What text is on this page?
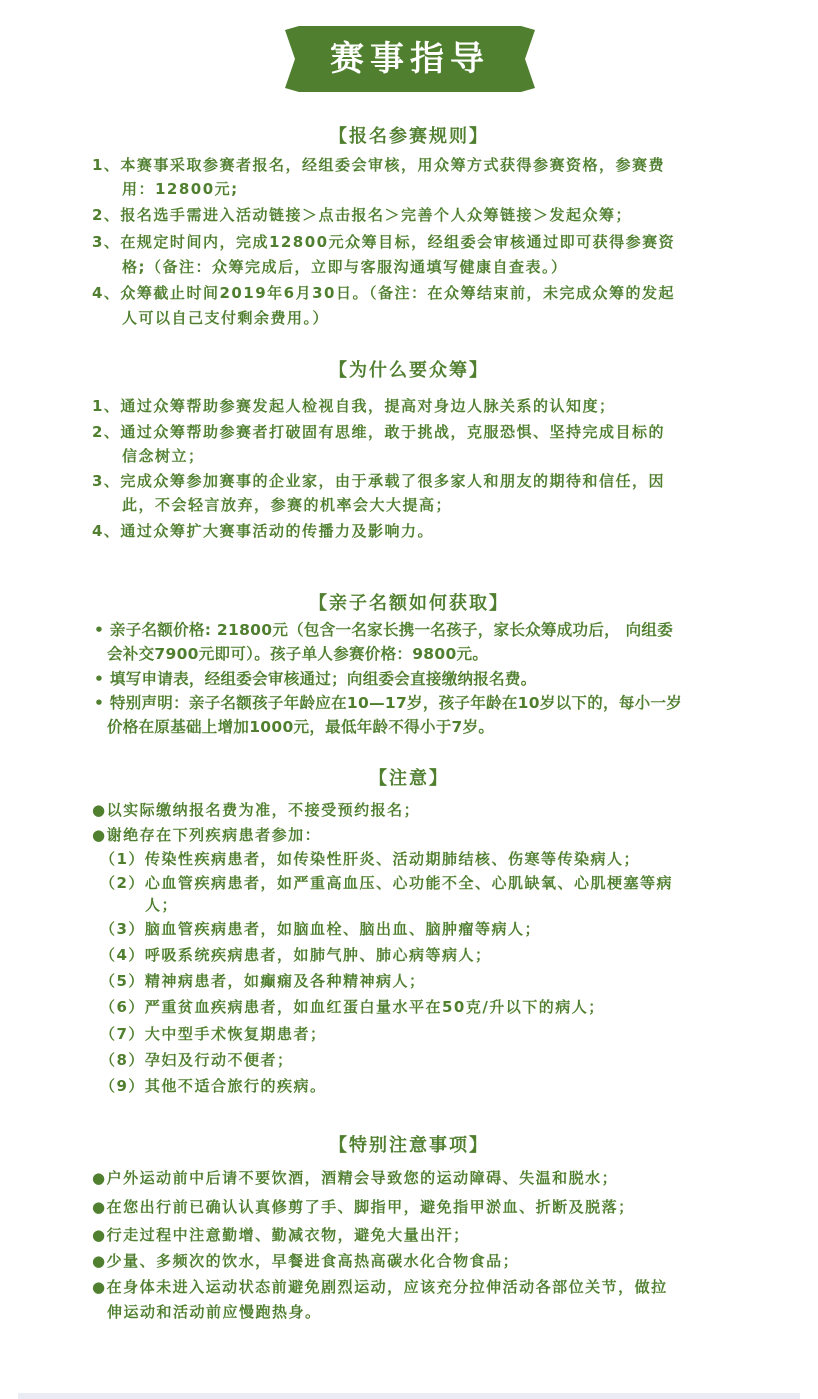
赛事指导
【报名参赛规则】
1、本赛事采取参赛者报名，经组委会审核，用众筹方式获得参赛资格，参赛费
用：12800元;
2、报名选手需进入活动链接＞点击报名＞完善个人众筹链接＞发起众筹；
3、在规定时间内，完成12800元众筹目标，经组委会审核通过即可获得参赛资
格;（备注：众筹完成后，立即与客服沟通填写健康自查表。）
4、众筹截止时间2019年6月30日。（备注：在众筹结束前，未完成众筹的发起
人可以自己支付剩余费用。）
【为什么要众筹】
1、通过众筹帮助参赛发起人检视自我，提高对身边人脉关系的认知度；
2、通过众筹帮助参赛者打破固有思维，敢于挑战，克服恐惧、坚持完成目标的
信念树立；
3、完成众筹参加赛事的企业家，由于承载了很多家人和朋友的期待和信任，因
此，不会轻言放弃，参赛的机率会大大提高；
4、通过众筹扩大赛事活动的传播力及影响力。
【亲子名额如何获取】
• 亲子名额价格: 21800元（包含一名家长携一名孩子，家长众筹成功后， 向组委
会补交7900元即可）。孩子单人参赛价格：9800元。
• 填写申请表，经组委会审核通过；向组委会直接缴纳报名费。
• 特别声明：亲子名额孩子年龄应在10—17岁，孩子年龄在10岁以下的，每小一岁
价格在原基础上增加1000元，最低年龄不得小于7岁。
【注意】
●以实际缴纳报名费为准，不接受预约报名；
●谢绝存在下列疾病患者参加：
（1）传染性疾病患者，如传染性肝炎、活动期肺结核、伤寒等传染病人；
（2）心血管疾病患者，如严重高血压、心功能不全、心肌缺氧、心肌梗塞等病
人；
（3）脑血管疾病患者，如脑血栓、脑出血、脑肿瘤等病人；
（4）呼吸系统疾病患者，如肺气肿、肺心病等病人；
（5）精神病患者，如癫痫及各种精神病人；
（6）严重贫血疾病患者，如血红蛋白量水平在50克/升以下的病人；
（7）大中型手术恢复期患者；
（8）孕妇及行动不便者；
（9）其他不适合旅行的疾病。
【特别注意事项】
●户外运动前中后请不要饮酒，酒精会导致您的运动障碍、失温和脱水；
●在您出行前已确认认真修剪了手、脚指甲，避免指甲淤血、折断及脱落；
●行走过程中注意勤增、勤减衣物，避免大量出汗；
●少量、多频次的饮水，早餐进食高热高碳水化合物食品；
●在身体未进入运动状态前避免剧烈运动，应该充分拉伸活动各部位关节，做拉
伸运动和活动前应慢跑热身。
